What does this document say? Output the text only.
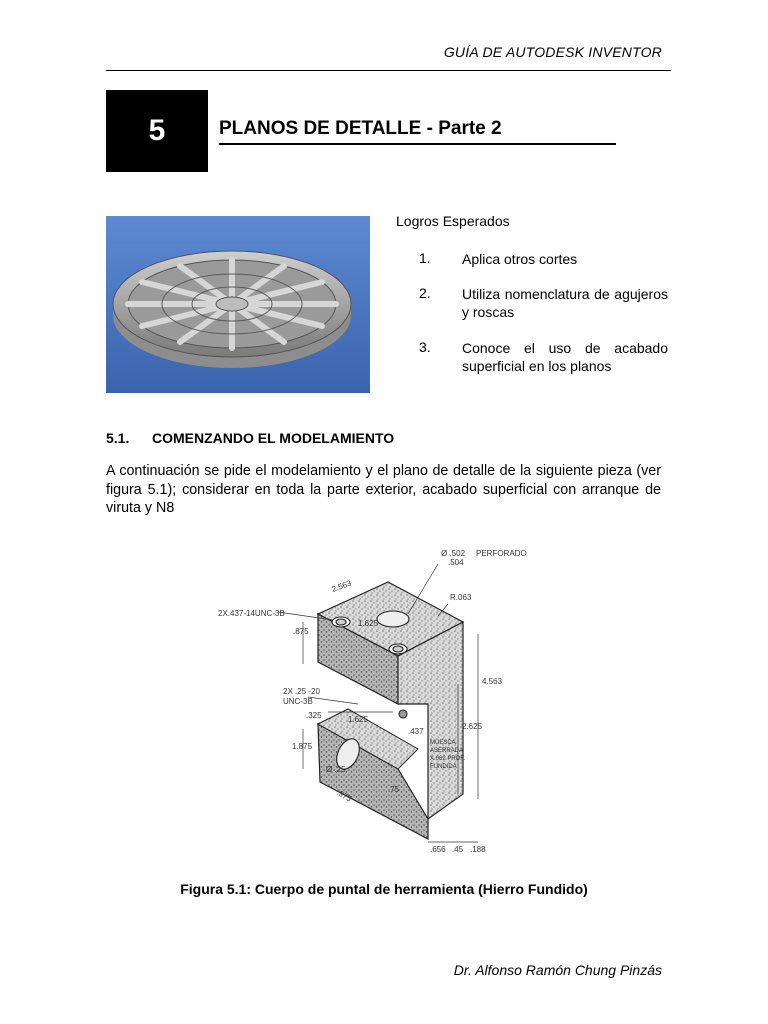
GUÍA DE AUTODESK INVENTOR
5	PLANOS DE DETALLE - Parte 2
Logros Esperados
1. Aplica otros cortes
2. Utiliza nomenclatura de agujeros y roscas
3. Conoce el uso de acabado superficial en los planos
5.1. COMENZANDO EL MODELAMIENTO
A continuación se pide el modelamiento y el plano de detalle de la siguiente pieza (ver figura 5.1); considerar en toda la parte exterior, acabado superficial con arranque de viruta y N8
Ø .502
.504
PERFORADO
2X.437-14UNC-3B
R.063
2.563
1.625
.875
2X .25 -20
UNC-3B
.325	1.625
.437
4.563
2.625
1.875
.75
.656 .45 .188
MUESCA
ASERRADA
X.062 PROF.
FUNDIDA
Ø .25
.375
Figura 5.1: Cuerpo de puntal de herramienta (Hierro Fundido)
Dr. Alfonso Ramón Chung Pinzás
